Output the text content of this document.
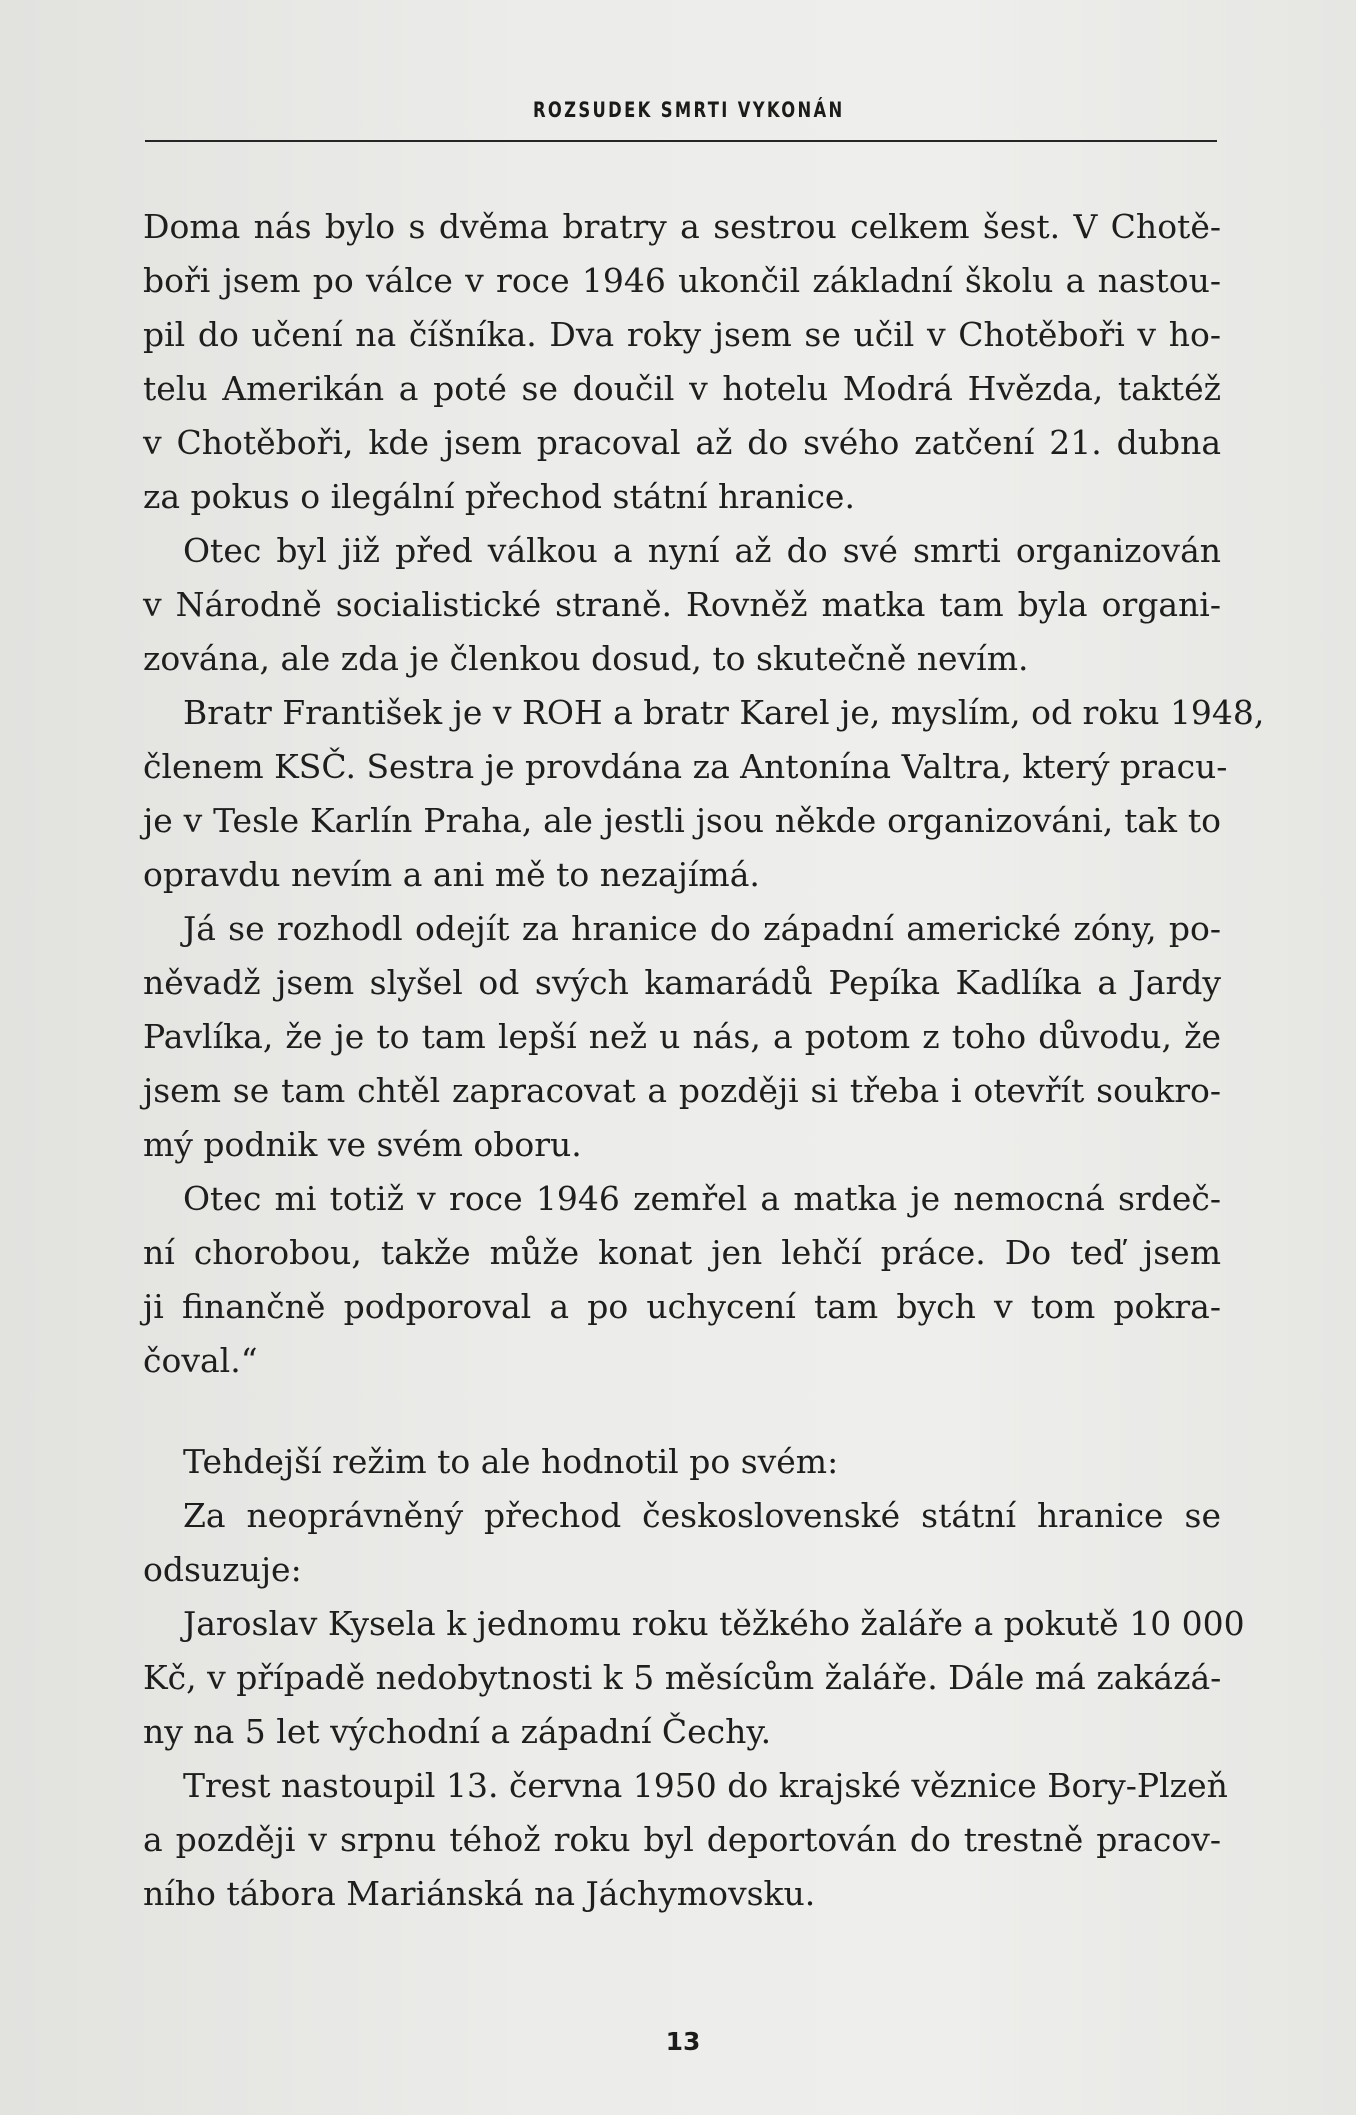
ROZSUDEK SMRTI VYKONÁN
Doma nás bylo s dvěma bratry a sestrou celkem šest. V Chotě-
boři jsem po válce v roce 1946 ukončil základní školu a nastou-
pil do učení na číšníka. Dva roky jsem se učil v Chotěboři v ho-
telu Amerikán a poté se doučil v hotelu Modrá Hvězda, taktéž
v Chotěboři, kde jsem pracoval až do svého zatčení 21. dubna
za pokus o ilegální přechod státní hranice.
Otec byl již před válkou a nyní až do své smrti organizován
v Národně socialistické straně. Rovněž matka tam byla organi-
zována, ale zda je členkou dosud, to skutečně nevím.
Bratr František je v ROH a bratr Karel je, myslím, od roku 1948,
členem KSČ. Sestra je provdána za Antonína Valtra, který pracu-
je v Tesle Karlín Praha, ale jestli jsou někde organizováni, tak to
opravdu nevím a ani mě to nezajímá.
Já se rozhodl odejít za hranice do západní americké zóny, po-
něvadž jsem slyšel od svých kamarádů Pepíka Kadlíka a Jardy
Pavlíka, že je to tam lepší než u nás, a potom z toho důvodu, že
jsem se tam chtěl zapracovat a později si třeba i otevřít soukro-
mý podnik ve svém oboru.
Otec mi totiž v roce 1946 zemřel a matka je nemocná srdeč-
ní chorobou, takže může konat jen lehčí práce. Do teď jsem
ji finančně podporoval a po uchycení tam bych v tom pokra-
čoval.“
Tehdejší režim to ale hodnotil po svém:
Za neoprávněný přechod československé státní hranice se
odsuzuje:
Jaroslav Kysela k jednomu roku těžkého žaláře a pokutě 10 000
Kč, v případě nedobytnosti k 5 měsícům žaláře. Dále má zakázá-
ny na 5 let východní a západní Čechy.
Trest nastoupil 13. června 1950 do krajské věznice Bory-Plzeň
a později v srpnu téhož roku byl deportován do trestně pracov-
ního tábora Mariánská na Jáchymovsku.
13
